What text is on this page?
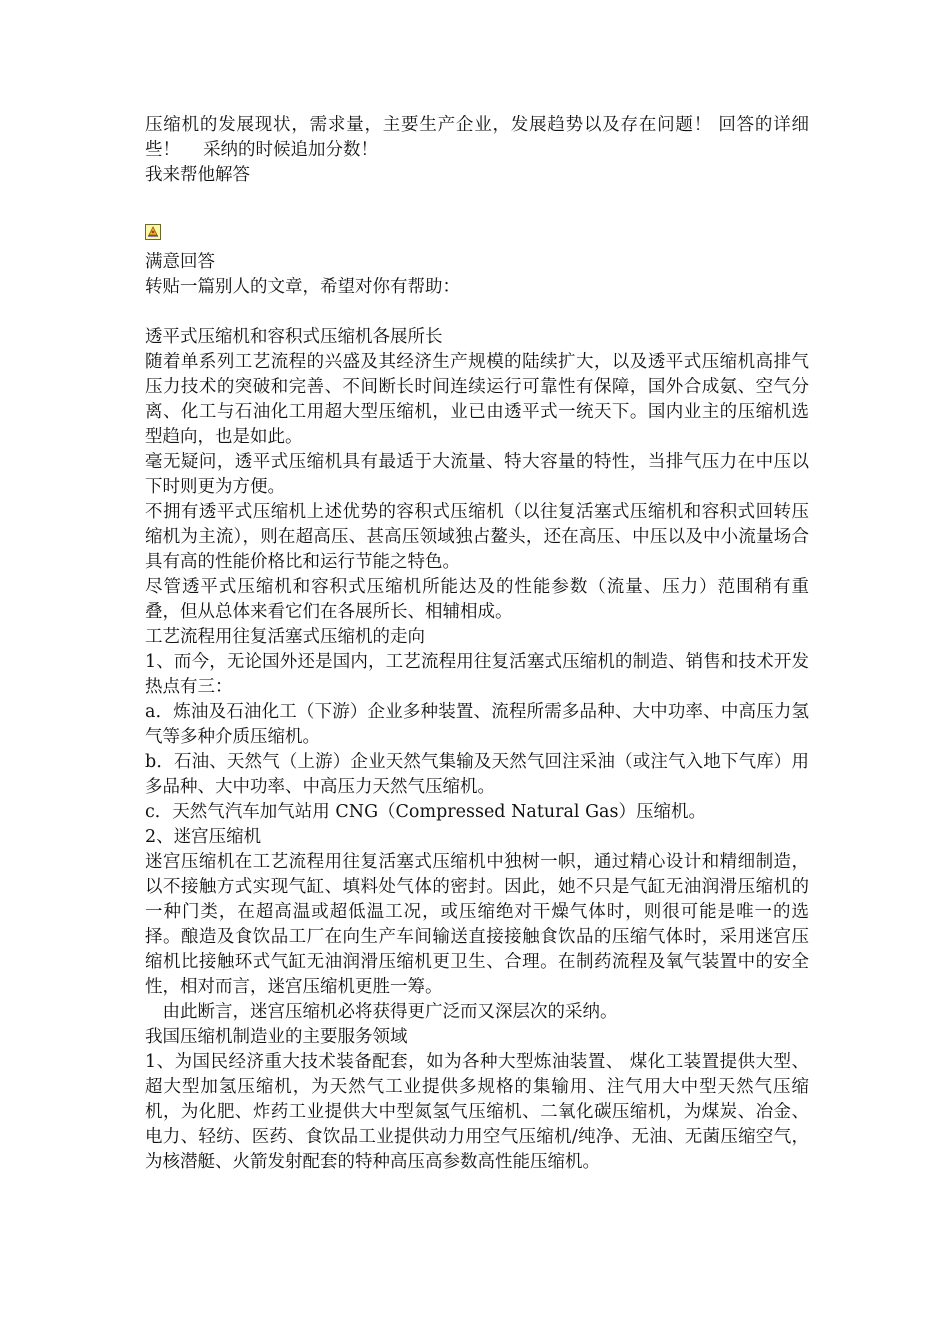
压缩机的发展现状，需求量，主要生产企业，发展趋势以及存在问题！ 回答的详细些！　 采纳的时候追加分数！

我来帮他解答

满意回答

转贴一篇别人的文章，希望对你有帮助：

透平式压缩机和容积式压缩机各展所长

随着单系列工艺流程的兴盛及其经济生产规模的陆续扩大，以及透平式压缩机高排气压力技术的突破和完善、不间断长时间连续运行可靠性有保障，国外合成氨、空气分离、化工与石油化工用超大型压缩机，业已由透平式一统天下。国内业主的压缩机选型趋向，也是如此。

毫无疑问，透平式压缩机具有最适于大流量、特大容量的特性，当排气压力在中压以下时则更为方便。

不拥有透平式压缩机上述优势的容积式压缩机（以往复活塞式压缩机和容积式回转压缩机为主流），则在超高压、甚高压领域独占鳌头，还在高压、中压以及中小流量场合具有高的性能价格比和运行节能之特色。

尽管透平式压缩机和容积式压缩机所能达及的性能参数（流量、压力）范围稍有重叠，但从总体来看它们在各展所长、相辅相成。

工艺流程用往复活塞式压缩机的走向

1、而今，无论国外还是国内，工艺流程用往复活塞式压缩机的制造、销售和技术开发热点有三：

a．炼油及石油化工（下游）企业多种装置、流程所需多品种、大中功率、中高压力氢气等多种介质压缩机。

b．石油、天然气（上游）企业天然气集输及天然气回注采油（或注气入地下气库）用多品种、大中功率、中高压力天然气压缩机。

c．天然气汽车加气站用 CNG（Compressed Natural Gas）压缩机。

2、迷宫压缩机

迷宫压缩机在工艺流程用往复活塞式压缩机中独树一帜，通过精心设计和精细制造，以不接触方式实现气缸、填料处气体的密封。因此，她不只是气缸无油润滑压缩机的一种门类，在超高温或超低温工况，或压缩绝对干燥气体时，则很可能是唯一的选择。酿造及食饮品工厂在向生产车间输送直接接触食饮品的压缩气体时，采用迷宫压缩机比接触环式气缸无油润滑压缩机更卫生、合理。在制药流程及氧气装置中的安全性，相对而言，迷宫压缩机更胜一筹。

　由此断言，迷宫压缩机必将获得更广泛而又深层次的采纳。

我国压缩机制造业的主要服务领域

1、为国民经济重大技术装备配套，如为各种大型炼油装置、 煤化工装置提供大型、超大型加氢压缩机，为天然气工业提供多规格的集输用、注气用大中型天然气压缩机，为化肥、炸药工业提供大中型氮氢气压缩机、二氧化碳压缩机，为煤炭、冶金、电力、轻纺、医药、食饮品工业提供动力用空气压缩机/纯净、无油、无菌压缩空气，为核潜艇、火箭发射配套的特种高压高参数高性能压缩机。
